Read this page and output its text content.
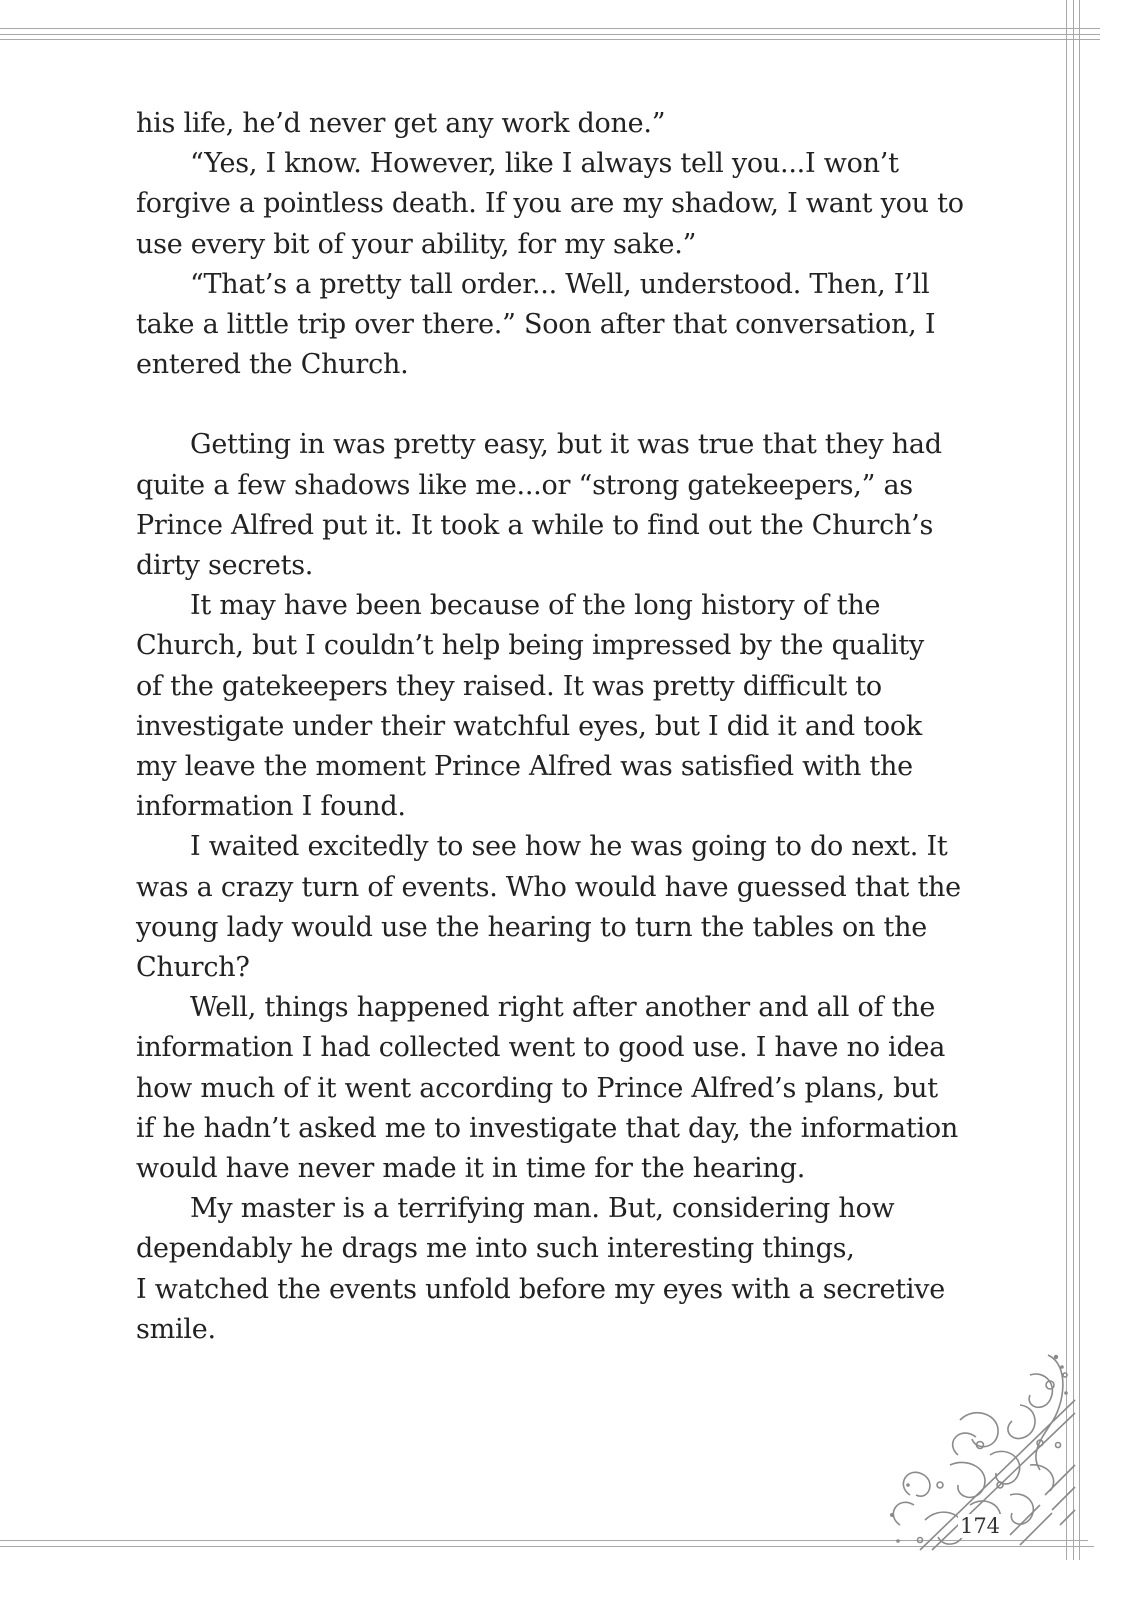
his life, he’d never get any work done.”

“Yes, I know. However, like I always tell you...I won’t

forgive a pointless death. If you are my shadow, I want you to

use every bit of your ability, for my sake.”

“That’s a pretty tall order... Well, understood. Then, I’ll

take a little trip over there.” Soon after that conversation, I

entered the Church.

Getting in was pretty easy, but it was true that they had

quite a few shadows like me...or “strong gatekeepers,” as

Prince Alfred put it. It took a while to find out the Church’s

dirty secrets.

It may have been because of the long history of the

Church, but I couldn’t help being impressed by the quality

of the gatekeepers they raised. It was pretty difficult to

investigate under their watchful eyes, but I did it and took

my leave the moment Prince Alfred was satisfied with the

information I found.

I waited excitedly to see how he was going to do next. It

was a crazy turn of events. Who would have guessed that the

young lady would use the hearing to turn the tables on the

Church?

Well, things happened right after another and all of the

information I had collected went to good use. I have no idea

how much of it went according to Prince Alfred’s plans, but

if he hadn’t asked me to investigate that day, the information

would have never made it in time for the hearing.

My master is a terrifying man. But, considering how

dependably he drags me into such interesting things,

I watched the events unfold before my eyes with a secretive

smile.

174
